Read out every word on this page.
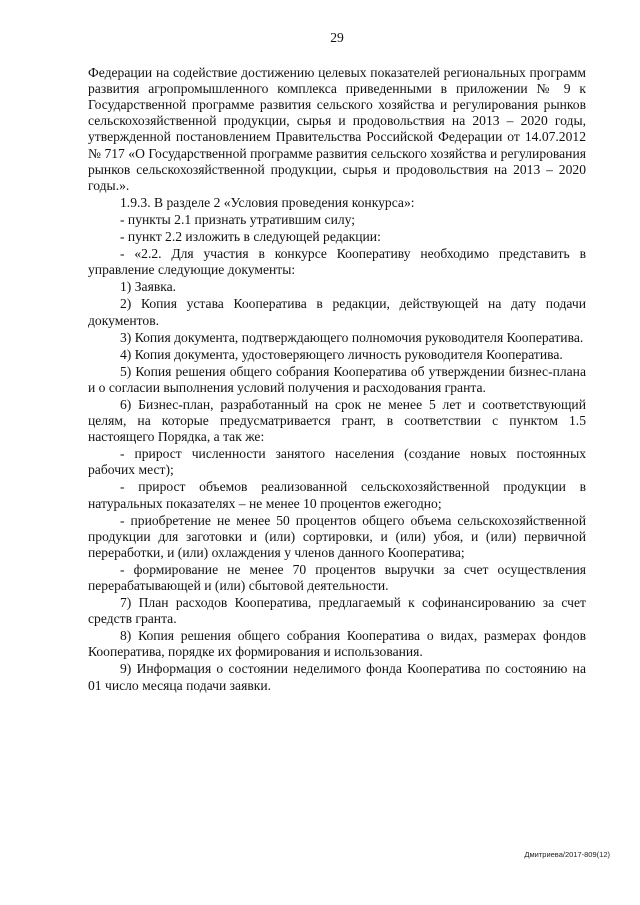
29

Федерации на содействие достижению целевых показателей региональных программ развития агропромышленного комплекса приведенными в приложении № 9 к Государственной программе развития сельского хозяйства и регулирования рынков сельскохозяйственной продукции, сырья и продовольствия на 2013 – 2020 годы, утвержденной постановлением Правительства Российской Федерации от 14.07.2012 № 717 «О Государственной программе развития сельского хозяйства и регулирования рынков сельскохозяйственной продукции, сырья и продовольствия на 2013 – 2020 годы.».

1.9.3. В разделе 2 «Условия проведения конкурса»:

- пункты 2.1 признать утратившим силу;

- пункт 2.2 изложить в следующей редакции:

- «2.2. Для участия в конкурсе Кооперативу необходимо представить в управление следующие документы:

1) Заявка.

2) Копия устава Кооператива в редакции, действующей на дату подачи документов.

3) Копия документа, подтверждающего полномочия руководителя Кооператива.

4) Копия документа, удостоверяющего личность руководителя Кооператива.

5) Копия решения общего собрания Кооператива об утверждении бизнес-плана и о согласии выполнения условий получения и расходования гранта.

6) Бизнес-план, разработанный на срок не менее 5 лет и соответствующий целям, на которые предусматривается грант, в соответствии с пунктом 1.5 настоящего Порядка, а так же:

- прирост численности занятого населения (создание новых постоянных рабочих мест);

- прирост объемов реализованной сельскохозяйственной продукции в натуральных показателях – не менее 10 процентов ежегодно;

- приобретение не менее 50 процентов общего объема сельскохозяйственной продукции для заготовки и (или) сортировки, и (или) убоя, и (или) первичной переработки, и (или) охлаждения у членов данного Кооператива;

- формирование не менее 70 процентов выручки за счет осуществления перерабатывающей и (или) сбытовой деятельности.

7) План расходов Кооператива, предлагаемый к софинансированию за счет средств гранта.

8) Копия решения общего собрания Кооператива о видах, размерах фондов Кооператива, порядке их формирования и использования.

9) Информация о состоянии неделимого фонда Кооператива по состоянию на 01 число месяца подачи заявки.

Дмитриева/2017-809(12)
